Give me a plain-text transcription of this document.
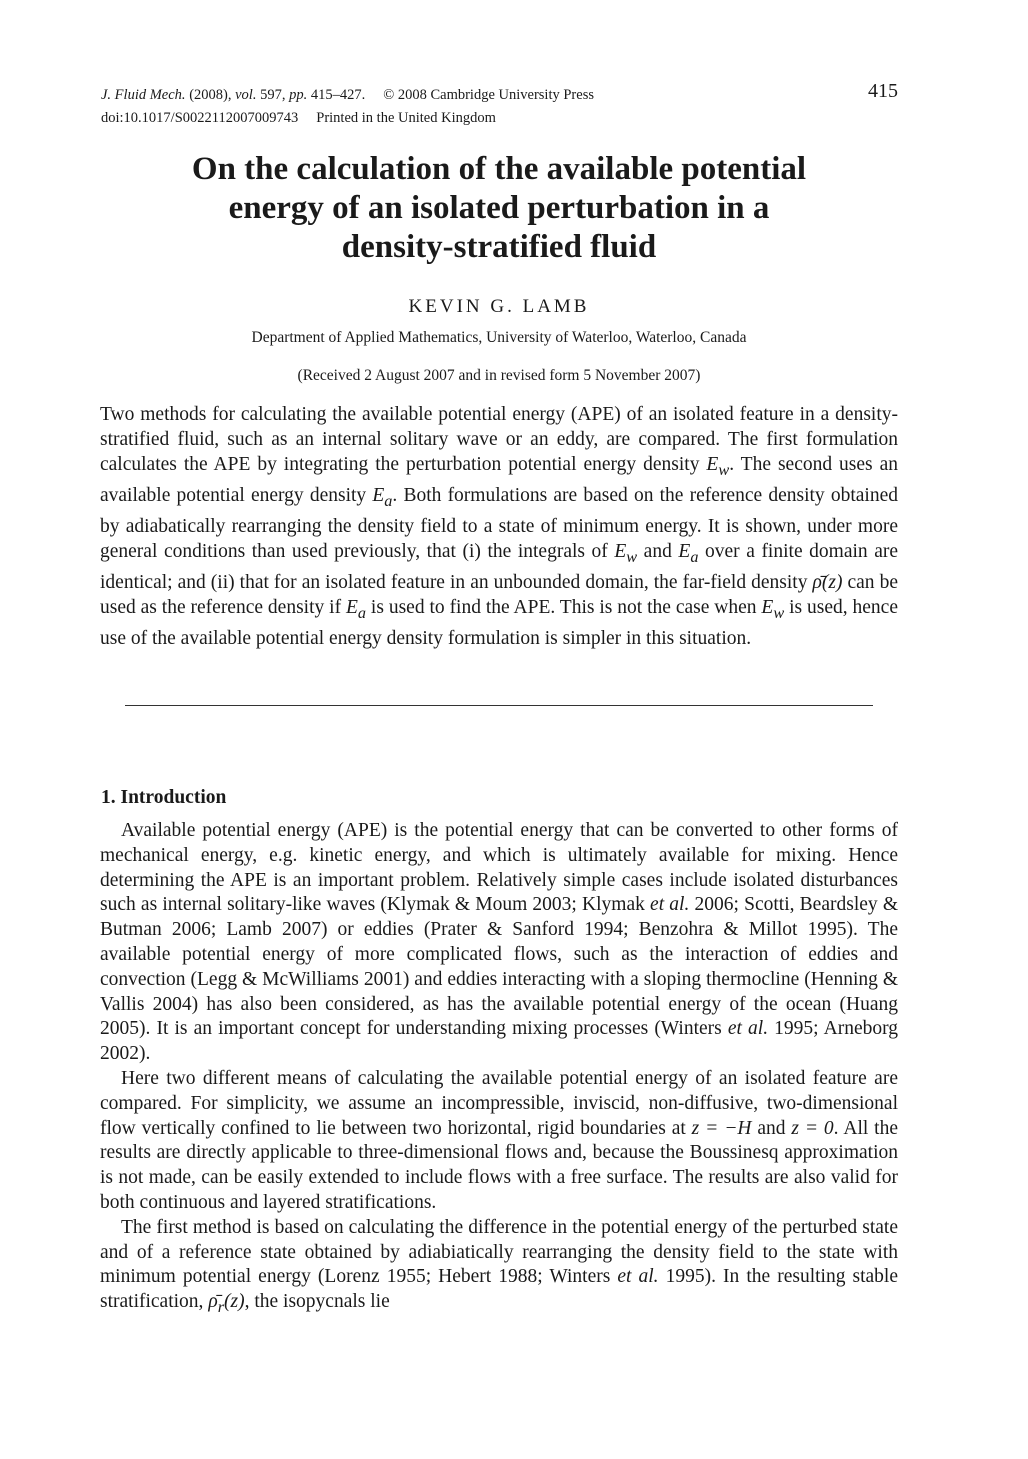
J. Fluid Mech. (2008), vol. 597, pp. 415–427. © 2008 Cambridge University Press
doi:10.1017/S0022112007009743 Printed in the United Kingdom
415
On the calculation of the available potential
energy of an isolated perturbation in a
density-stratified fluid
KEVIN G. LAMB
Department of Applied Mathematics, University of Waterloo, Waterloo, Canada
(Received 2 August 2007 and in revised form 5 November 2007)
Two methods for calculating the available potential energy (APE) of an isolated feature in a density-stratified fluid, such as an internal solitary wave or an eddy, are compared. The first formulation calculates the APE by integrating the perturbation potential energy density $E_w$. The second uses an available potential energy density $E_a$. Both formulations are based on the reference density obtained by adiabatically rearranging the density field to a state of minimum energy. It is shown, under more general conditions than used previously, that (i) the integrals of $E_w$ and $E_a$ over a finite domain are identical; and (ii) that for an isolated feature in an unbounded domain, the far-field density ρ̄(z) can be used as the reference density if $E_a$ is used to find the APE. This is not the case when $E_w$ is used, hence use of the available potential energy density formulation is simpler in this situation.
1. Introduction

Available potential energy (APE) is the potential energy that can be converted to other forms of mechanical energy, e.g. kinetic energy, and which is ultimately available for mixing. Hence determining the APE is an important problem. Relatively simple cases include isolated disturbances such as internal solitary-like waves (Klymak & Moum 2003; Klymak et al. 2006; Scotti, Beardsley & Butman 2006; Lamb 2007) or eddies (Prater & Sanford 1994; Benzohra & Millot 1995). The available potential energy of more complicated flows, such as the interaction of eddies and convection (Legg & McWilliams 2001) and eddies interacting with a sloping thermocline (Henning & Vallis 2004) has also been considered, as has the available potential energy of the ocean (Huang 2005). It is an important concept for understanding mixing processes (Winters et al. 1995; Arneborg 2002).

Here two different means of calculating the available potential energy of an isolated feature are compared. For simplicity, we assume an incompressible, inviscid, non-diffusive, two-dimensional flow vertically confined to lie between two horizontal, rigid boundaries at z = −H and z = 0. All the results are directly applicable to three-dimensional flows and, because the Boussinesq approximation is not made, can be easily extended to include flows with a free surface. The results are also valid for both continuous and layered stratifications.

The first method is based on calculating the difference in the potential energy of the perturbed state and of a reference state obtained by adiabiatically rearranging the density field to the state with minimum potential energy (Lorenz 1955; Hebert 1988; Winters et al. 1995). In the resulting stable stratification, $\rhō_r(z)$, the isopycnals lie
